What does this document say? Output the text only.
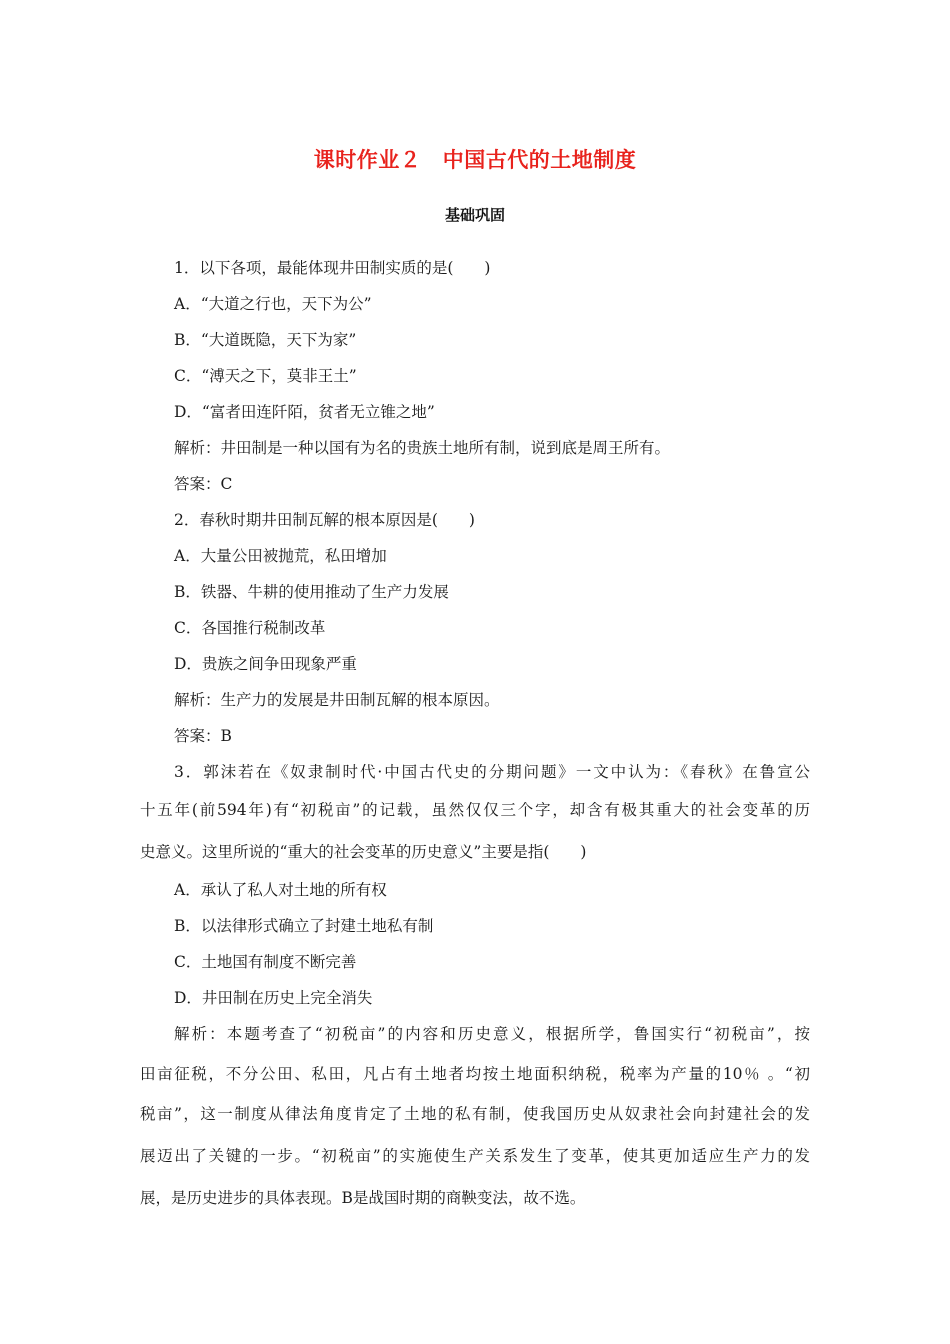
课时作业２　中国古代的土地制度
基础巩固
1．以下各项，最能体现井田制实质的是(　　)
A．“大道之行也，天下为公”
B．“大道既隐，天下为家”
C．“溥天之下，莫非王土”
D．“富者田连阡陌，贫者无立锥之地”
解析：井田制是一种以国有为名的贵族土地所有制，说到底是周王所有。
答案：C
2．春秋时期井田制瓦解的根本原因是(　　)
A．大量公田被抛荒，私田增加
B．铁器、牛耕的使用推动了生产力发展
C．各国推行税制改革
D．贵族之间争田现象严重
解析：生产力的发展是井田制瓦解的根本原因。
答案：B
3．郭沫若在《奴隶制时代·中国古代史的分期问题》一文中认为：《春秋》在鲁宣公
十五年(前594年)有“初税亩”的记载，虽然仅仅三个字，却含有极其重大的社会变革的历
史意义。这里所说的“重大的社会变革的历史意义”主要是指(　　)
A．承认了私人对土地的所有权
B．以法律形式确立了封建土地私有制
C．土地国有制度不断完善
D．井田制在历史上完全消失
解析：本题考查了“初税亩”的内容和历史意义，根据所学，鲁国实行“初税亩”，按
田亩征税，不分公田、私田，凡占有土地者均按土地面积纳税，税率为产量的10％ 。“初
税亩”，这一制度从律法角度肯定了土地的私有制，使我国历史从奴隶社会向封建社会的发
展迈出了关键的一步。“初税亩”的实施使生产关系发生了变革，使其更加适应生产力的发
展，是历史进步的具体表现。B是战国时期的商鞅变法，故不选。
